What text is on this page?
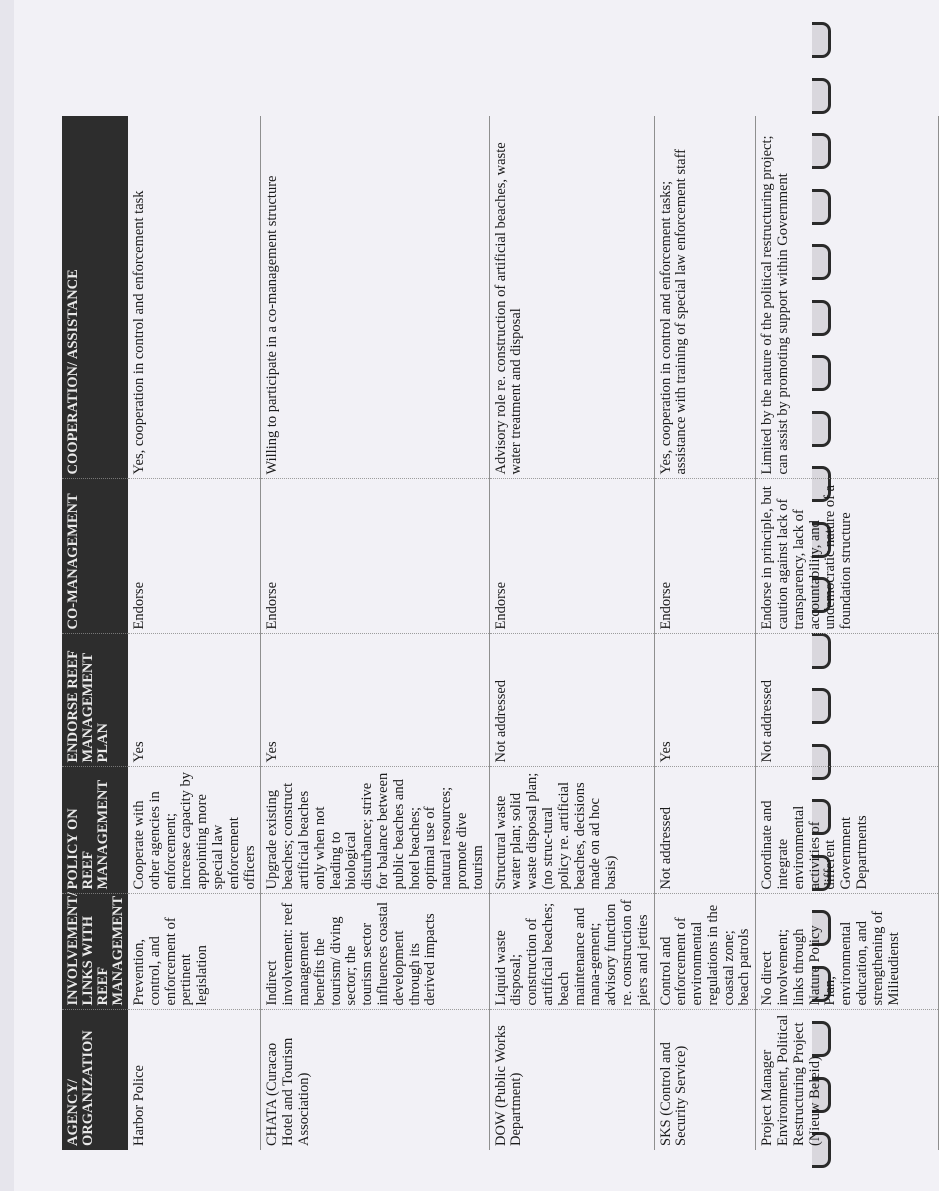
AGENCY/ ORGANIZATION	INVOLVEMENT/ LINKS WITH REEF MANAGEMENT	POLICY ON REEF MANAGEMENT	ENDORSE REEF MANAGEMENT PLAN	CO-MANAGEMENT	COOPERATION/ ASSISTANCE
Harbor Police	Prevention, control, and enforcement of pertinent legislation	Cooperate with other agencies in enforcement; increase capacity by appointing more special law enforcement officers	Yes	Endorse	Yes, cooperation in control and enforcement task
CHATA (Curacao Hotel and Tourism Association)	Indirect involvement: reef management benefits the tourism/ diving sector; the tourism sector influences coastal development through its derived impacts	Upgrade existing beaches; construct artificial beaches only when not leading to biological disturbance; strive for balance between public beaches and hotel beaches; optimal use of natural resources; promote dive tourism	Yes	Endorse	Willing to participate in a co-management structure
DOW (Public Works Department)	Liquid waste disposal; construction of artificial beaches; beach maintenance and mana-gement; advisory function re. construction of piers and jetties	Structural waste water plan; solid waste disposal plan; (no struc-tural policy re. artificial beaches, decisions made on ad hoc basis)	Not addressed	Endorse	Advisory role re. construction of artificial beaches, waste water treatment and disposal
SKS (Control and Security Service)	Control and enforcement of environmental regulations in the coastal zone; beach patrols	Not addressed	Yes	Endorse	Yes, cooperation in control and enforcement tasks; assistance with training of special law enforcement staff
Project Manager Environment, Political Restructuring Project (Nieuw Beleid)	No direct involvement; links through Nature Policy Plan, environmental education, and strengthening of Milieudienst	Coordinate and integrate environmental activities of different Government Departments	Not addressed	Endorse in principle, but caution against lack of transparency, lack of accountability, and undemocratic nature of a foundation structure	Limited by the nature of the political restructuring project; can assist by promoting support within Government
